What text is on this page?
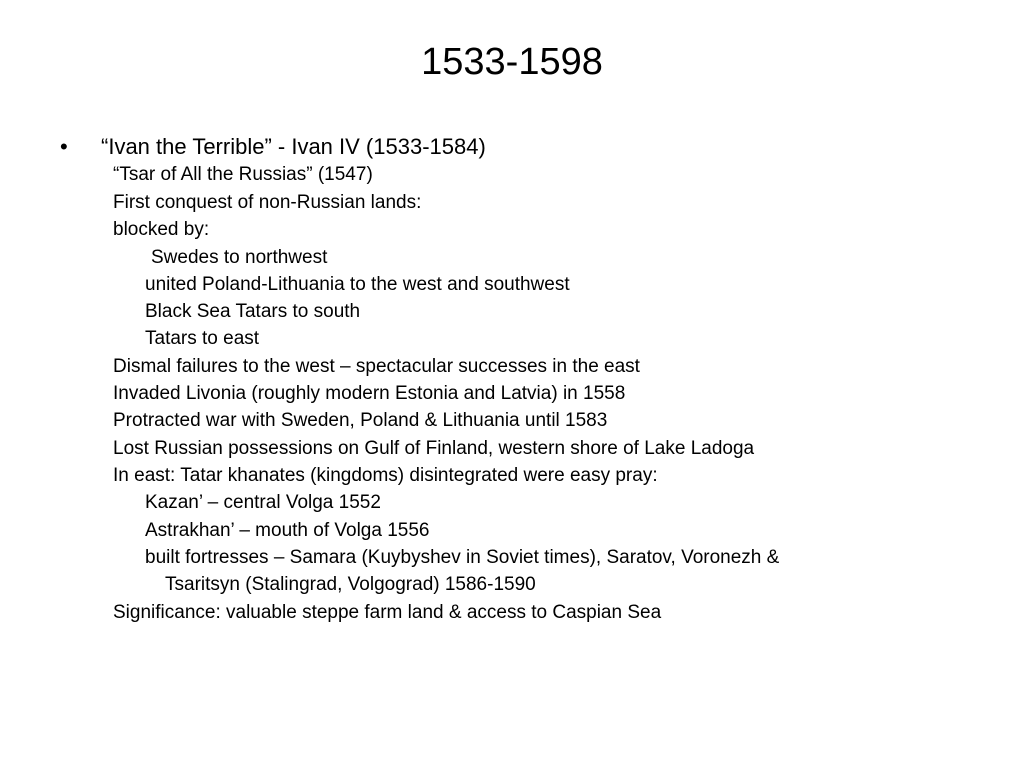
1533-1598
• “Ivan the Terrible” - Ivan IV (1533-1584)
“Tsar of All the Russias” (1547)
First conquest of non-Russian lands:
blocked by:
Swedes to northwest
united Poland-Lithuania to the west and southwest
Black Sea Tatars to south
Tatars to east
Dismal failures to the west – spectacular successes in the east
Invaded Livonia (roughly modern Estonia and Latvia) in 1558
Protracted war with Sweden, Poland & Lithuania until 1583
Lost Russian possessions on Gulf of Finland, western shore of Lake Ladoga
In east: Tatar khanates (kingdoms) disintegrated were easy pray:
Kazan’ – central Volga 1552
Astrakhan’ – mouth of Volga 1556
built fortresses – Samara (Kuybyshev in Soviet times), Saratov, Voronezh &
Tsaritsyn (Stalingrad, Volgograd) 1586-1590
Significance: valuable steppe farm land & access to Caspian Sea
